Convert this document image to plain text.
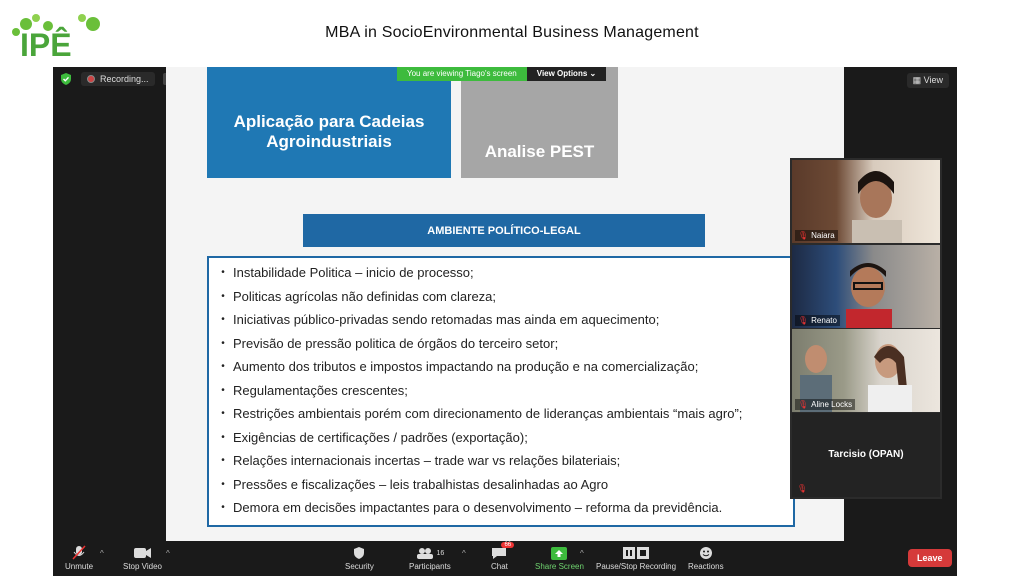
IPÊ	MBA in SocioEnvironmental Business Management
Recording...	▦ View
Aplicação para Cadeias Agroindustriais
Analise PEST
You are viewing Tiago's screen	View Options ⌄
AMBIENTE POLÍTICO-LEGAL
• Instabilidade Politica – inicio de processo;
• Politicas agrícolas não definidas com clareza;
• Iniciativas público-privadas sendo retomadas mas ainda em aquecimento;
• Previsão de pressão politica de órgãos do terceiro setor;
• Aumento dos tributos e impostos impactando na produção e na comercialização;
• Regulamentações crescentes;
• Restrições ambientais porém com direcionamento de lideranças ambientais “mais agro”;
• Exigências de certificações / padrões (exportação);
• Relações internacionais incertas – trade war vs relações bilateriais;
• Pressões e fiscalizações – leis trabalhistas desalinhadas ao Agro
• Demora em decisões impactantes para o desenvolvimento – reforma da previdência.
🎙 Naiara
🎙 Renato
🎙 Aline Locks
Tarcisio (OPAN)
🎙
Unmute
^
Stop Video
^
Security
16
Participants
^
66
Chat	Share Screen
^
Pause/Stop Recording Reactions
Leave
